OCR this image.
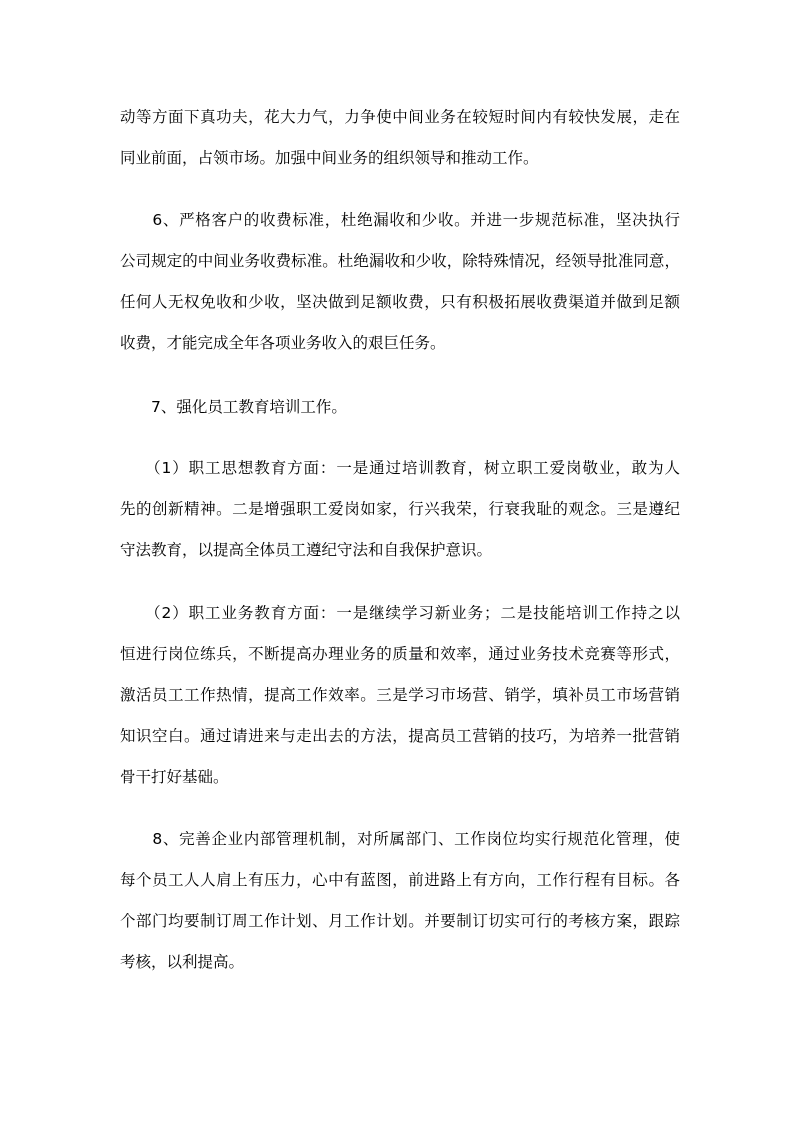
动等方面下真功夫，花大力气，力争使中间业务在较短时间内有较快发展，走在
同业前面，占领市场。加强中间业务的组织领导和推动工作。
　　6、严格客户的收费标准，杜绝漏收和少收。并进一步规范标准，坚决执行
公司规定的中间业务收费标准。杜绝漏收和少收，除特殊情况，经领导批准同意，
任何人无权免收和少收，坚决做到足额收费，只有积极拓展收费渠道并做到足额
收费，才能完成全年各项业务收入的艰巨任务。
　　7、强化员工教育培训工作。
　　（1）职工思想教育方面：一是通过培训教育，树立职工爱岗敬业，敢为人
先的创新精神。二是增强职工爱岗如家，行兴我荣，行衰我耻的观念。三是遵纪
守法教育，以提高全体员工遵纪守法和自我保护意识。
　　（2）职工业务教育方面：一是继续学习新业务；二是技能培训工作持之以
恒进行岗位练兵，不断提高办理业务的质量和效率，通过业务技术竞赛等形式，
激活员工工作热情，提高工作效率。三是学习市场营、销学，填补员工市场营销
知识空白。通过请进来与走出去的方法，提高员工营销的技巧，为培养一批营销
骨干打好基础。
　　8、完善企业内部管理机制，对所属部门、工作岗位均实行规范化管理，使
每个员工人人肩上有压力，心中有蓝图，前进路上有方向，工作行程有目标。各
个部门均要制订周工作计划、月工作计划。并要制订切实可行的考核方案，跟踪
考核，以利提高。
